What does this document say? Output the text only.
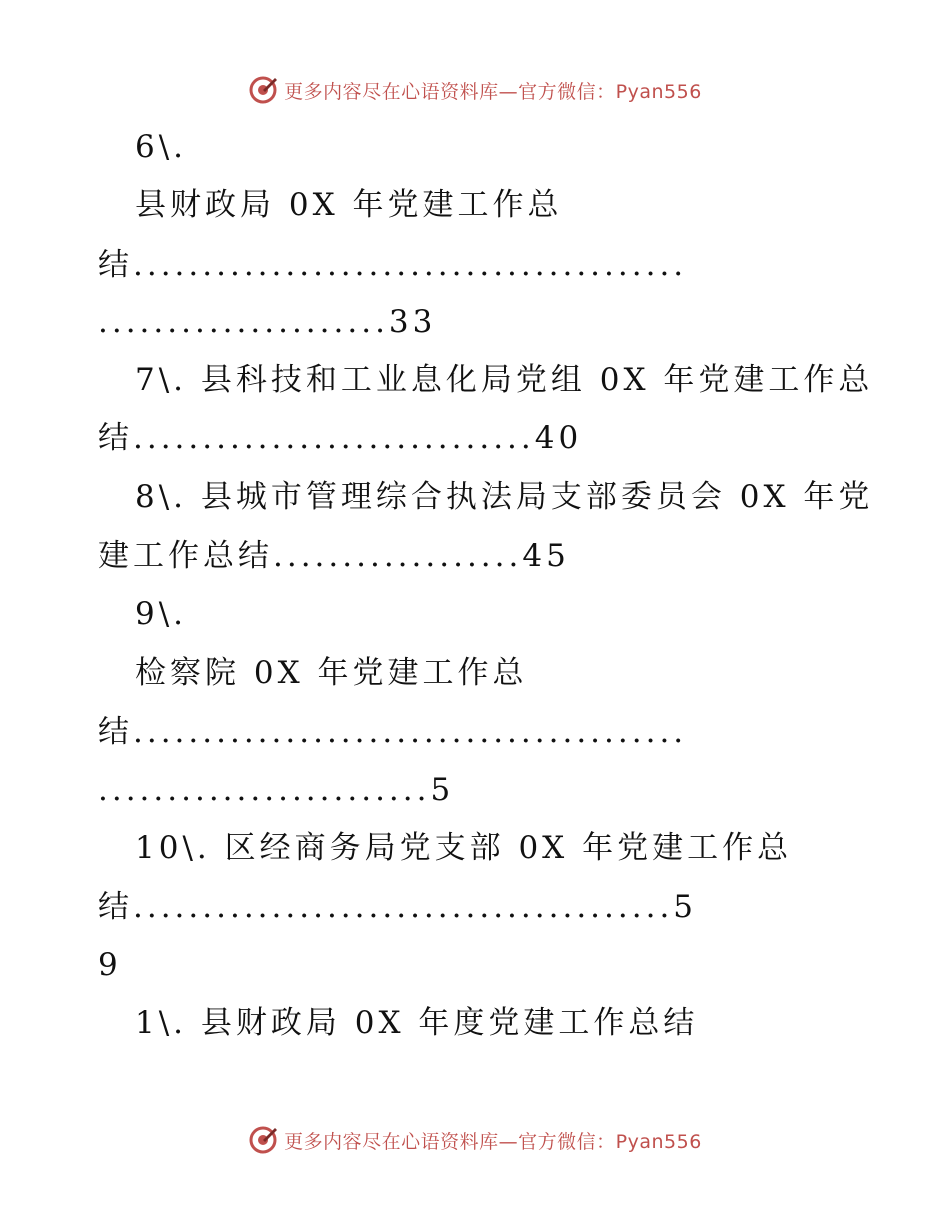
更多内容尽在心语资料库—官方微信：Pyan556
6\.
县财政局 0X 年党建工作总
结........................................
.....................33
7\. 县科技和工业息化局党组 0X 年党建工作总
结.............................40
8\. 县城市管理综合执法局支部委员会 0X 年党
建工作总结..................45
9\.
检察院 0X 年党建工作总
结........................................
........................5
10\. 区经商务局党支部 0X 年党建工作总
结.......................................5
9
1\. 县财政局 0X 年度党建工作总结
更多内容尽在心语资料库—官方微信：Pyan556
